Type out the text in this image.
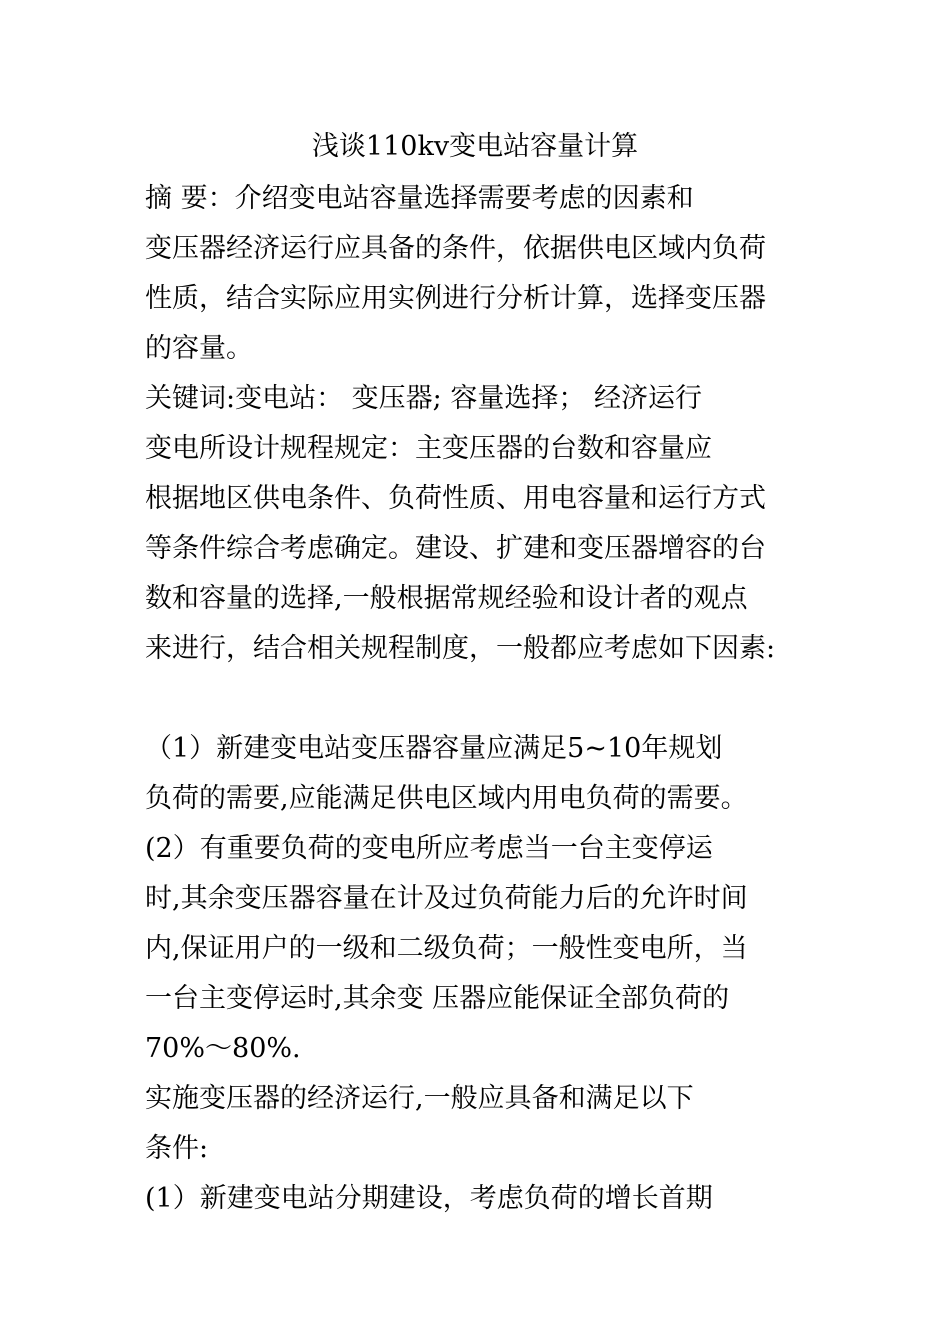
浅谈110kv变电站容量计算
摘 要：介绍变电站容量选择需要考虑的因素和
变压器经济运行应具备的条件，依据供电区域内负荷
性质，结合实际应用实例进行分析计算，选择变压器
的容量。
关键词:变电站： 变压器; 容量选择； 经济运行
变电所设计规程规定：主变压器的台数和容量应
根据地区供电条件、负荷性质、用电容量和运行方式
等条件综合考虑确定。建设、扩建和变压器增容的台
数和容量的选择,一般根据常规经验和设计者的观点
来进行，结合相关规程制度，一般都应考虑如下因素:
（1）新建变电站变压器容量应满足5~10年规划
负荷的需要,应能满足供电区域内用电负荷的需要。
(2）有重要负荷的变电所应考虑当一台主变停运
时,其余变压器容量在计及过负荷能力后的允许时间
内,保证用户的一级和二级负荷；一般性变电所，当
一台主变停运时,其余变 压器应能保证全部负荷的
70%～80%.
实施变压器的经济运行,一般应具备和满足以下
条件:
(1）新建变电站分期建设，考虑负荷的增长首期
